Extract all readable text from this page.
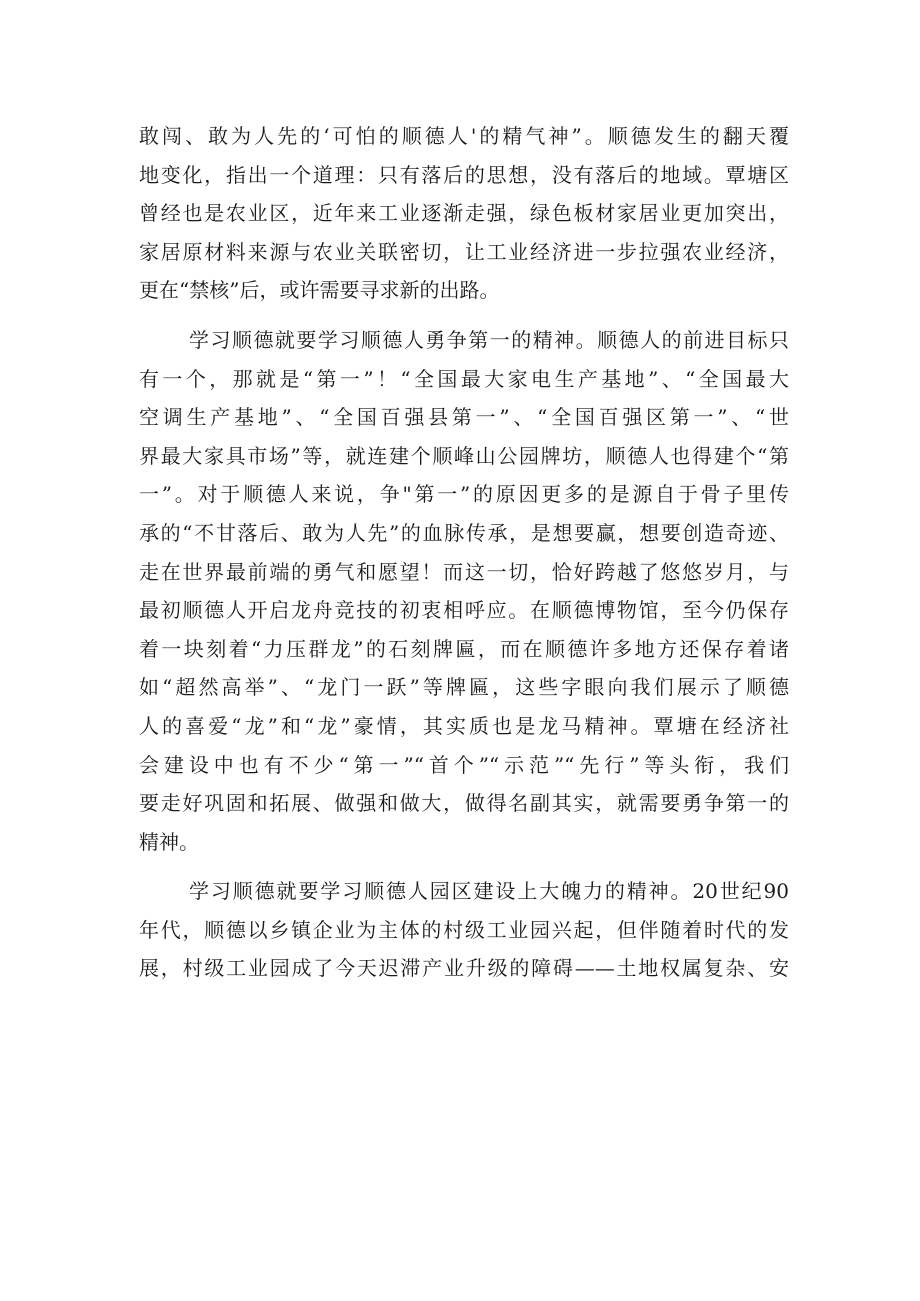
敢闯、敢为人先的‘可怕的顺德人'的精气神”。顺德发生的翻天覆
地变化，指出一个道理：只有落后的思想，没有落后的地域。覃塘区
曾经也是农业区，近年来工业逐渐走强，绿色板材家居业更加突出，
家居原材料来源与农业关联密切，让工业经济进一步拉强农业经济，
更在“禁核”后，或许需要寻求新的出路。
学习顺德就要学习顺德人勇争第一的精神。顺德人的前进目标只
有一个，那就是“第一”！“全国最大家电生产基地”、“全国最大
空调生产基地”、“全国百强县第一”、“全国百强区第一”、“世
界最大家具市场”等，就连建个顺峰山公园牌坊，顺德人也得建个“第
一”。对于顺德人来说，争"第一”的原因更多的是源自于骨子里传
承的“不甘落后、敢为人先”的血脉传承，是想要赢，想要创造奇迹、
走在世界最前端的勇气和愿望！而这一切，恰好跨越了悠悠岁月，与
最初顺德人开启龙舟竞技的初衷相呼应。在顺德博物馆，至今仍保存
着一块刻着“力压群龙”的石刻牌匾，而在顺德许多地方还保存着诸
如“超然高举”、“龙门一跃”等牌匾，这些字眼向我们展示了顺德
人的喜爱“龙”和“龙”豪情，其实质也是龙马精神。覃塘在经济社
会建设中也有不少“第一”“首个”“示范”“先行”等头衔，我们
要走好巩固和拓展、做强和做大，做得名副其实，就需要勇争第一的
精神。
学习顺德就要学习顺德人园区建设上大魄力的精神。20世纪90
年代，顺德以乡镇企业为主体的村级工业园兴起，但伴随着时代的发
展，村级工业园成了今天迟滞产业升级的障碍——土地权属复杂、安
